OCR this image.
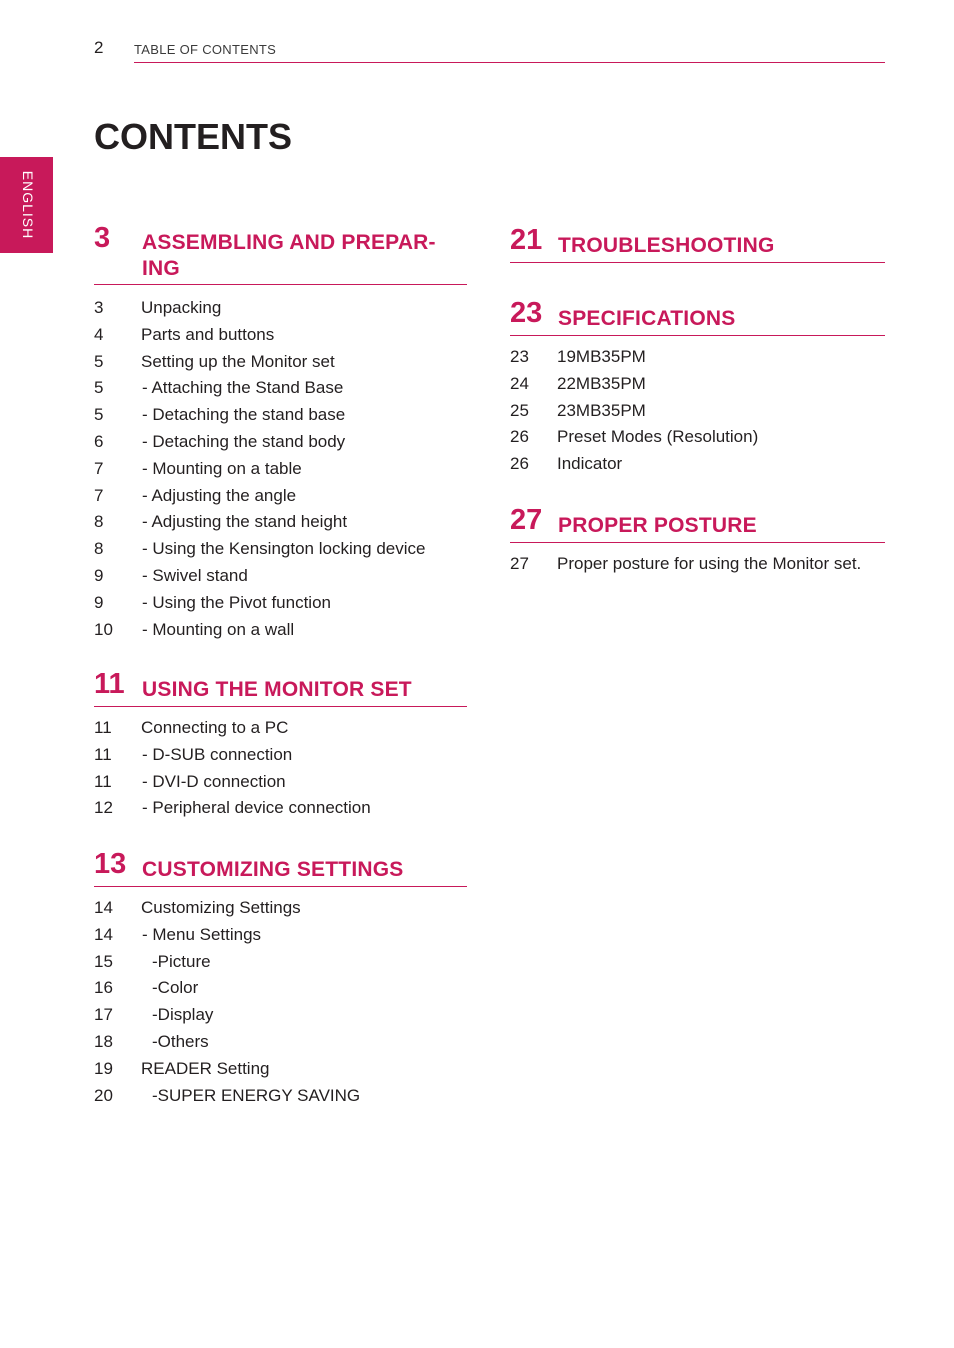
2 TABLE OF CONTENTS
ENGLISH
CONTENTS
3 ASSEMBLING AND PREPAR-
ING
3 Unpacking
4 Parts and buttons
5 Setting up the Monitor set
5 - Attaching the Stand Base
5 - Detaching the stand base
6 - Detaching the stand body
7 - Mounting on a table
7 - Adjusting the angle
8 - Adjusting the stand height
8 - Using the Kensington locking device
9 - Swivel stand
9 - Using the Pivot function
10 - Mounting on a wall
11 USING THE MONITOR SET
11 Connecting to a PC
11 - D-SUB connection
11 - DVI-D connection
12 - Peripheral device connection
13 CUSTOMIZING SETTINGS
14 Customizing Settings
14 - Menu Settings
15 -Picture
16 -Color
17 -Display
18 -Others
19 READER Setting
20 -SUPER ENERGY SAVING
21 TROUBLESHOOTING
23 SPECIFICATIONS
23 19MB35PM
24 22MB35PM
25 23MB35PM
26 Preset Modes (Resolution)
26 Indicator
27 PROPER POSTURE
27 Proper posture for using the Monitor set.
